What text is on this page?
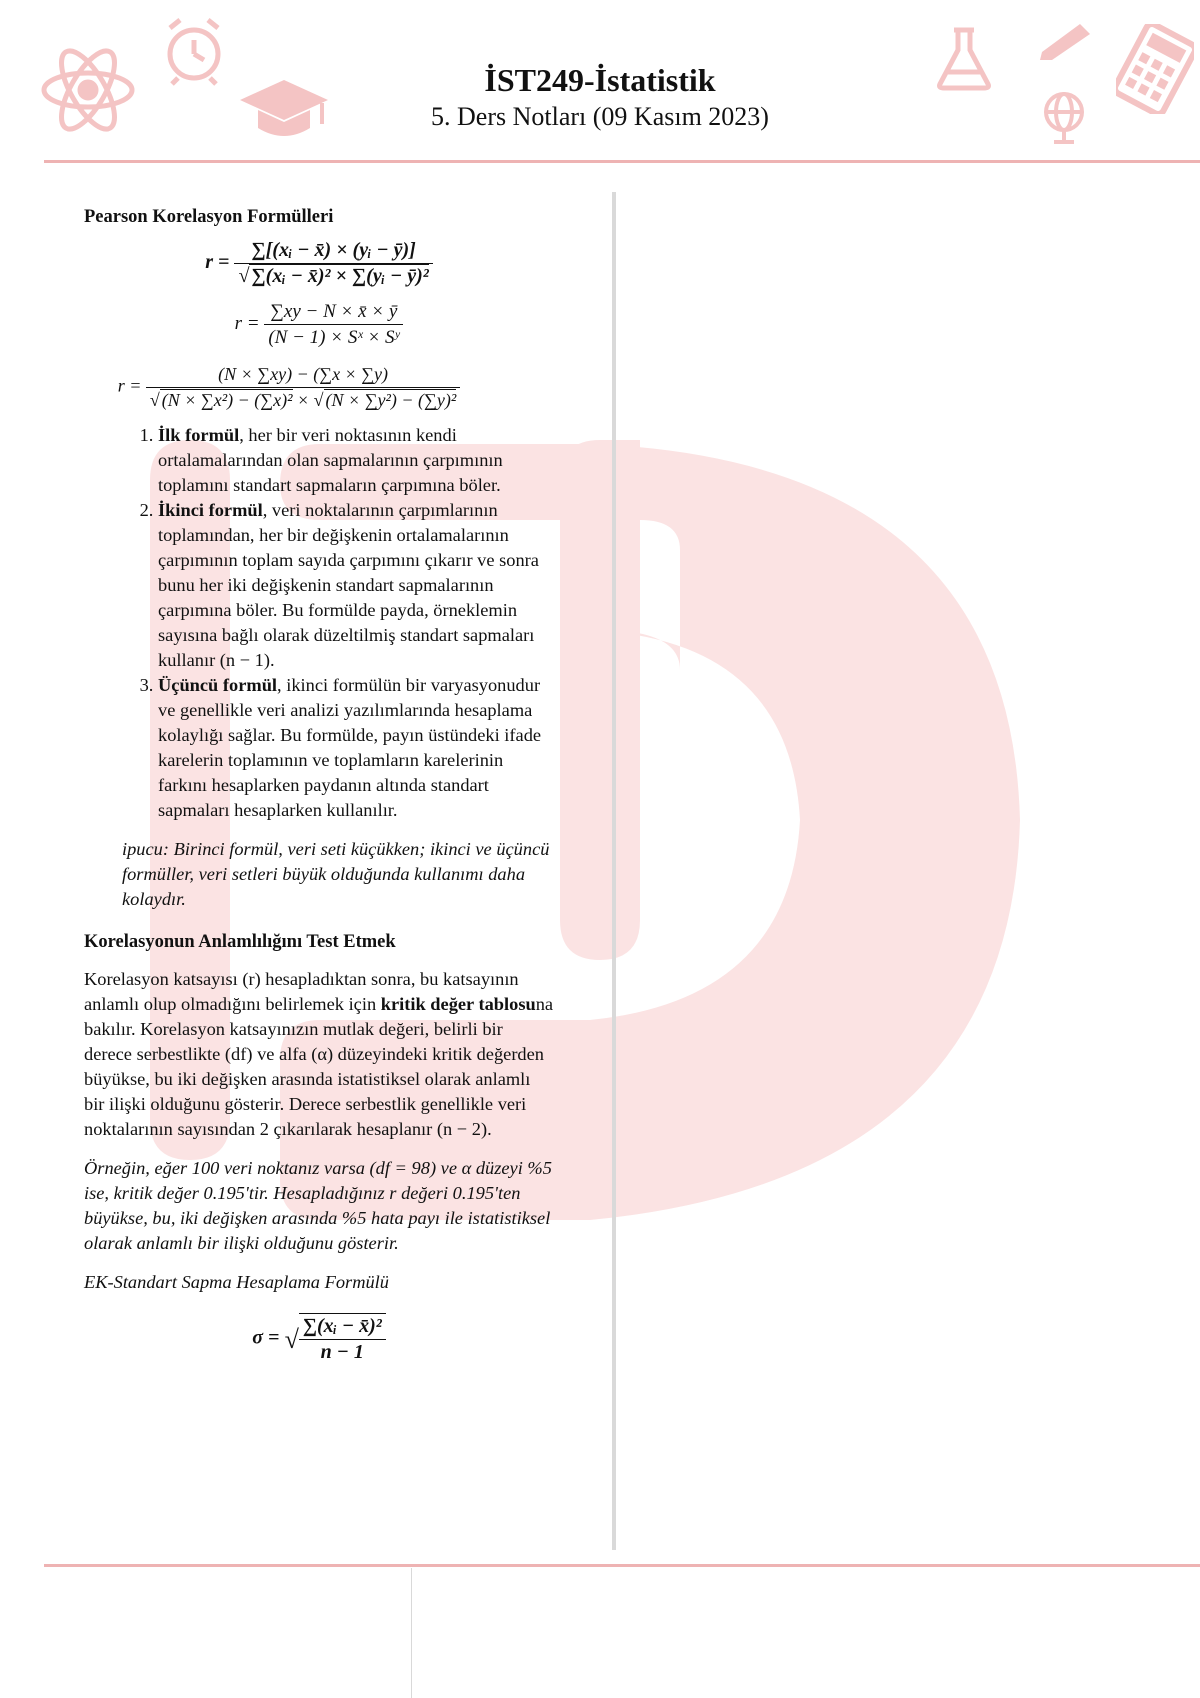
İST249-İstatistik
5. Ders Notları (09 Kasım 2023)
Pearson Korelasyon Formülleri
$r = \frac{\text{∑[(xᵢ − x̄) × (yᵢ − ȳ)]}}{\text{√ ∑(xᵢ − x̄)² × ∑(yᵢ − ȳ)²}}$
$r = \frac{\sum xy - N \times x̄ \times ȳ}{\text{(N − 1) × Sˣ × Sʸ}}$
$r = \frac{(N \times \sum xy) - (\sum x \times \sum y)}{\text{√ (N × ∑x²) − (∑x)² × √ (N × ∑y²) − (∑y)²}}$
1. İlk formül, her bir veri noktasının kendi ortalamalarından olan sapmalarının çarpımının toplamını standart sapmaların çarpımına böler.
2. İkinci formül, veri noktalarının çarpımlarının toplamından, her bir değişkenin ortalamalarının çarpımının toplam sayıda çarpımını çıkarır ve sonra bunu her iki değişkenin standart sapmalarının çarpımına böler. Bu formülde payda, örneklemin sayısına bağlı olarak düzeltilmiş standart sapmaları kullanır (n − 1).
3. Üçüncü formül, ikinci formülün bir varyasyonudur ve genellikle veri analizi yazılımlarında hesaplama kolaylığı sağlar. Bu formülde, payın üstündeki ifade karelerin toplamının ve toplamların karelerinin farkını hesaplarken paydanın altında standart sapmaları hesaplarken kullanılır.
ipucu: Birinci formül, veri seti küçükken; ikinci ve üçüncü formüller, veri setleri büyük olduğunda kullanımı daha kolaydır.
Korelasyonun Anlamlılığını Test Etmek

Korelasyon katsayısı (r) hesapladıktan sonra, bu katsayının anlamlı olup olmadığını belirlemek için kritik değer tablosuna bakılır. Korelasyon katsayınızın mutlak değeri, belirli bir derece serbestlikte (df) ve alfa (α) düzeyindeki kritik değerden büyükse, bu iki değişken arasında istatistiksel olarak anlamlı bir ilişki olduğunu gösterir. Derece serbestlik genellikle veri noktalarının sayısından 2 çıkarılarak hesaplanır (n − 2).

Örneğin, eğer 100 veri noktanız varsa (df = 98) ve α düzeyi %5 ise, kritik değer 0.195'tir. Hesapladığınız r değeri 0.195'ten büyükse, bu, iki değişken arasında %5 hata payı ile istatistiksel olarak anlamlı bir ilişki olduğunu gösterir.

EK-Standart Sapma Hesaplama Formülü

σ = √ $\frac{\text{∑(xᵢ − x̄)²}}{n - 1}$
